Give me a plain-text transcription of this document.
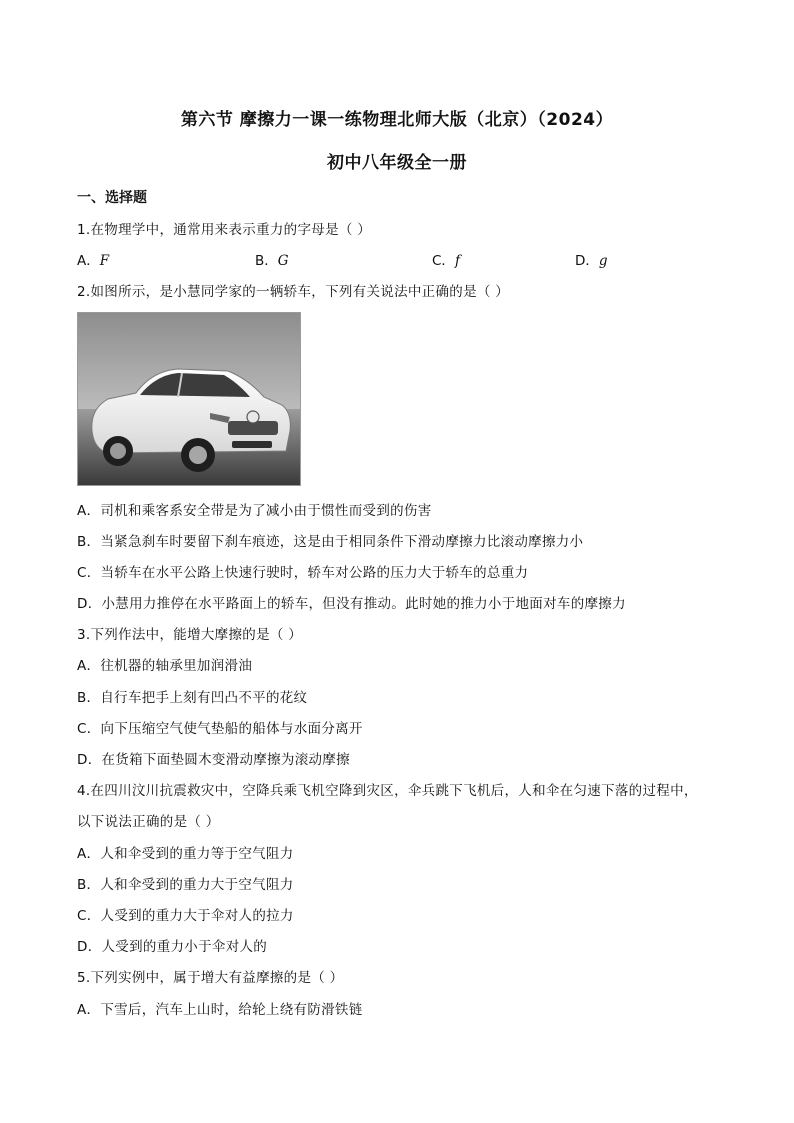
第六节 摩擦力一课一练物理北师大版（北京）（2024）
初中八年级全一册
一、选择题
1.在物理学中，通常用来表示重力的字母是（ ）
A．F	B．G	C．f	D．g
2.如图所示，是小慧同学家的一辆轿车，下列有关说法中正确的是（ ）
A．司机和乘客系安全带是为了减小由于惯性而受到的伤害
B．当紧急刹车时要留下刹车痕迹，这是由于相同条件下滑动摩擦力比滚动摩擦力小
C．当轿车在水平公路上快速行驶时，轿车对公路的压力大于轿车的总重力
D．小慧用力推停在水平路面上的轿车，但没有推动。此时她的推力小于地面对车的摩擦力
3.下列作法中，能增大摩擦的是（ ）
A．往机器的轴承里加润滑油
B．自行车把手上刻有凹凸不平的花纹
C．向下压缩空气使气垫船的船体与水面分离开
D．在货箱下面垫圆木变滑动摩擦为滚动摩擦
4.在四川汶川抗震救灾中，空降兵乘飞机空降到灾区，伞兵跳下飞机后，人和伞在匀速下落的过程中，
以下说法正确的是（ ）
A．人和伞受到的重力等于空气阻力
B．人和伞受到的重力大于空气阻力
C．人受到的重力大于伞对人的拉力
D．人受到的重力小于伞对人的
5.下列实例中，属于增大有益摩擦的是（ ）
A．下雪后，汽车上山时，给轮上绕有防滑铁链
